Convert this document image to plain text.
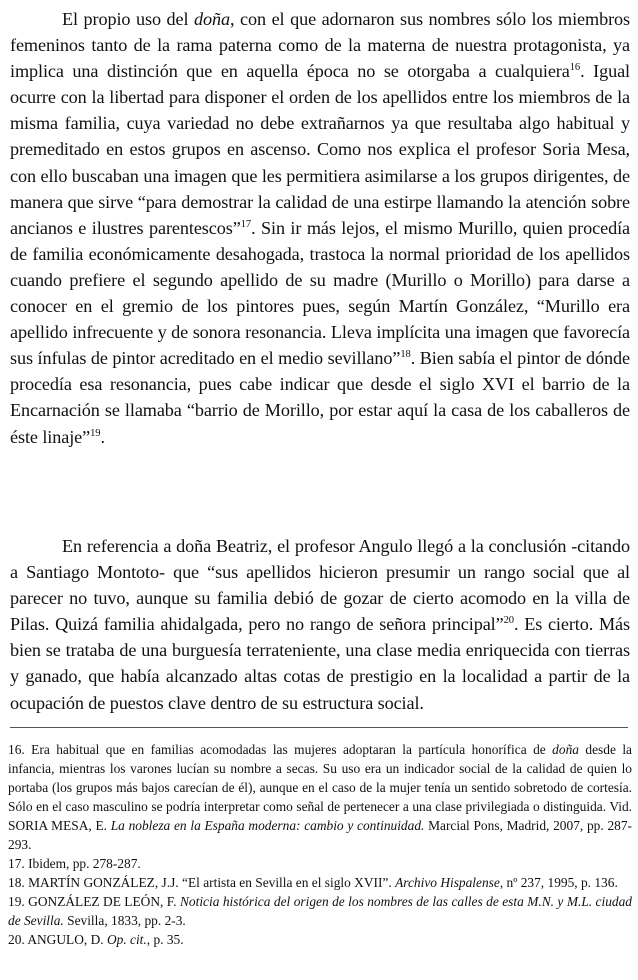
El propio uso del doña, con el que adornaron sus nombres sólo los miembros femeninos tanto de la rama paterna como de la materna de nuestra protagonista, ya implica una distinción que en aquella época no se otorgaba a cualquiera$^{16}$. Igual ocurre con la libertad para disponer el orden de los apellidos entre los miembros de la misma familia, cuya variedad no debe extrañarnos ya que resultaba algo habitual y premeditado en estos grupos en ascenso. Como nos explica el profesor Soria Mesa, con ello buscaban una imagen que les permitiera asimilarse a los grupos dirigentes, de manera que sirve “para demostrar la calidad de una estirpe llamando la atención sobre ancianos e ilustres parentescos”$^{17}$. Sin ir más lejos, el mismo Murillo, quien procedía de familia económicamente desahogada, trastoca la normal prioridad de los apellidos cuando prefiere el segundo apellido de su madre (Murillo o Morillo) para darse a conocer en el gremio de los pintores pues, según Martín González, “Murillo era apellido infrecuente y de sonora resonancia. Lleva implícita una imagen que favorecía sus ínfulas de pintor acreditado en el medio sevillano”$^{18}$. Bien sabía el pintor de dónde procedía esa resonancia, pues cabe indicar que desde el siglo XVI el barrio de la Encarnación se llamaba “barrio de Morillo, por estar aquí la casa de los caballeros de éste linaje”$^{19}$.

En referencia a doña Beatriz, el profesor Angulo llegó a la conclusión -citando a Santiago Montoto- que “sus apellidos hicieron presumir un rango social que al parecer no tuvo, aunque su familia debió de gozar de cierto acomodo en la villa de Pilas. Quizá familia ahidalgada, pero no rango de señora principal”$^{20}$. Es cierto. Más bien se trataba de una burguesía terrateniente, una clase media enriquecida con tierras y ganado, que había alcanzado altas cotas de prestigio en la localidad a partir de la ocupación de puestos clave dentro de su estructura social.

16. Era habitual que en familias acomodadas las mujeres adoptaran la partícula honorífica de doña desde la infancia, mientras los varones lucían su nombre a secas. Su uso era un indicador social de la calidad de quien lo portaba (los grupos más bajos carecían de él), aunque en el caso de la mujer tenía un sentido sobretodo de cortesía. Sólo en el caso masculino se podría interpretar como señal de pertenecer a una clase privilegiada o distinguida. Vid. SORIA MESA, E. La nobleza en la España moderna: cambio y continuidad. Marcial Pons, Madrid, 2007, pp. 287-293.

17. Ibidem, pp. 278-287.

18. MARTÍN GONZÁLEZ, J.J. “El artista en Sevilla en el siglo XVII”. Archivo Hispalense, nº 237, 1995, p. 136.

19. GONZÁLEZ DE LEÓN, F. Noticia histórica del origen de los nombres de las calles de esta M.N. y M.L. ciudad de Sevilla. Sevilla, 1833, pp. 2-3.

20. ANGULO, D. Op. cit., p. 35.
